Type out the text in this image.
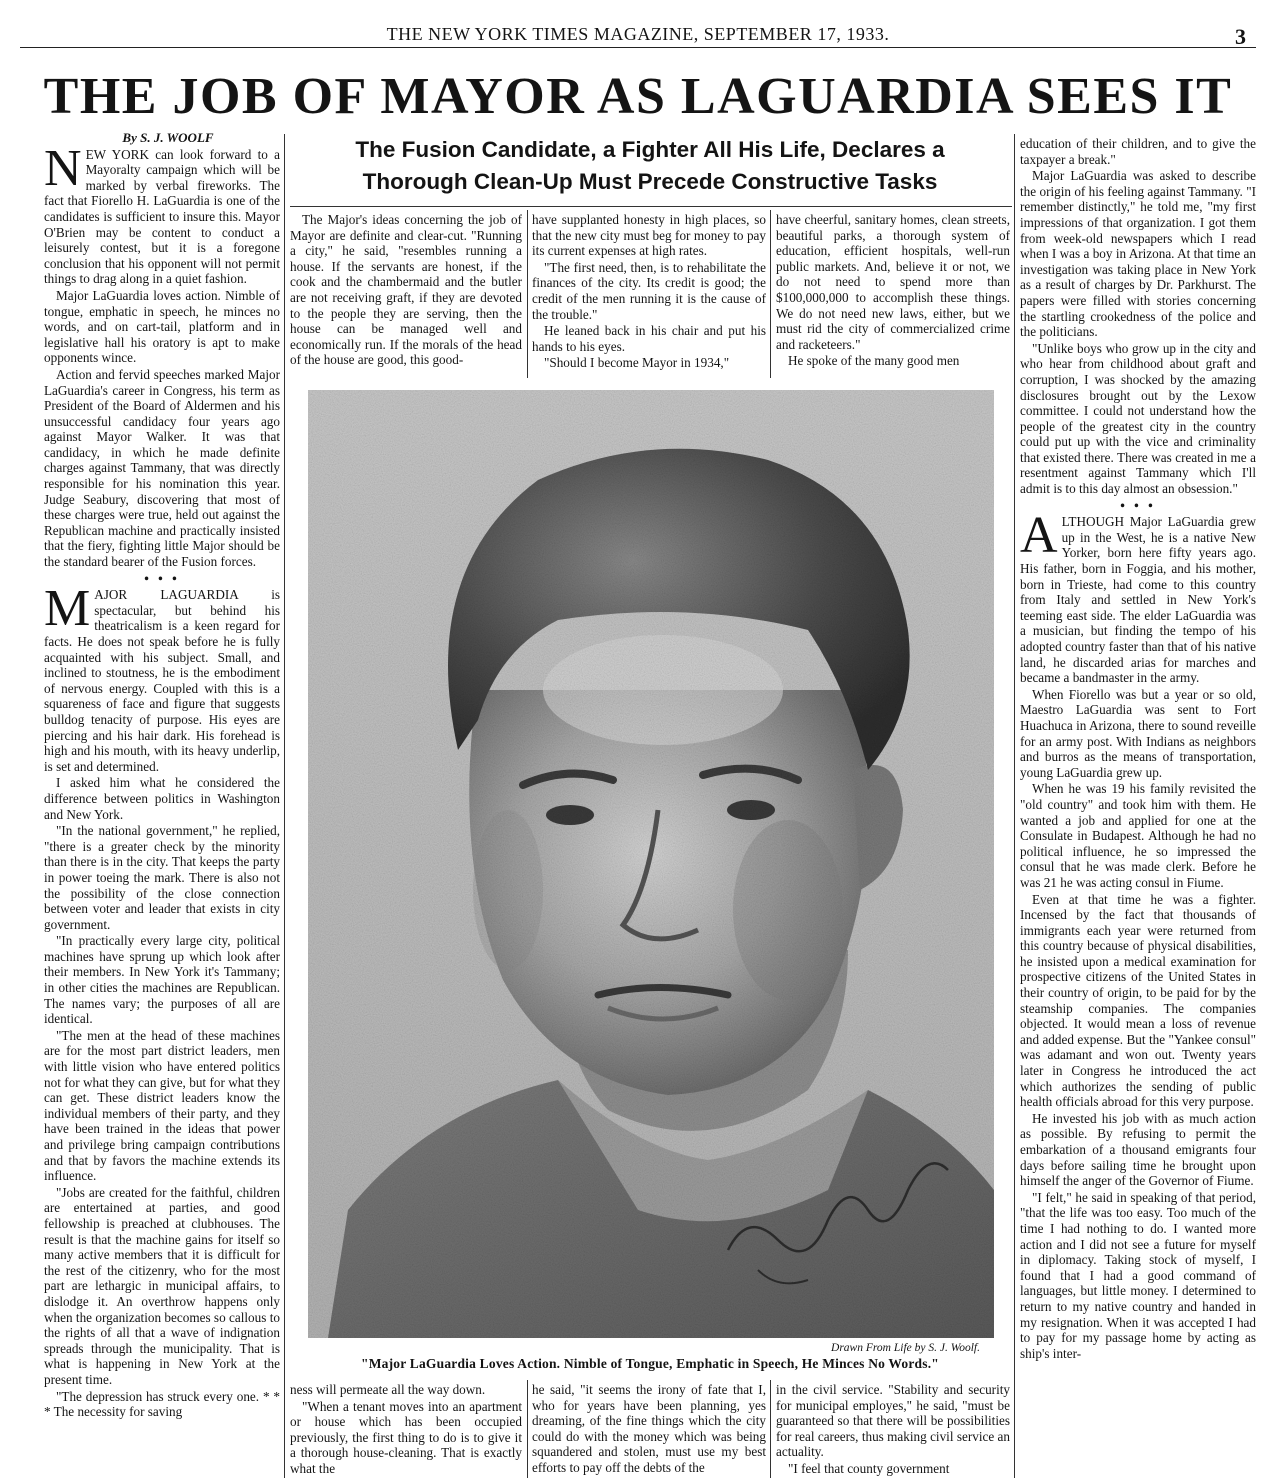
THE NEW YORK TIMES MAGAZINE, SEPTEMBER 17, 1933.	3
THE JOB OF MAYOR AS LAGUARDIA SEES IT
The Fusion Candidate, a Fighter All His Life, Declares a
Thorough Clean-Up Must Precede Constructive Tasks

By S. J. WOOLF

NEW YORK can look forward to a Mayoralty campaign which will be marked by verbal fireworks. The fact that Fiorello H. LaGuardia is one of the candidates is sufficient to insure this. Mayor O'Brien may be content to conduct a leisurely contest, but it is a foregone conclusion that his opponent will not permit things to drag along in a quiet fashion.

Major LaGuardia loves action. Nimble of tongue, emphatic in speech, he minces no words, and on cart-tail, platform and in legislative hall his oratory is apt to make opponents wince.

Action and fervid speeches marked Major LaGuardia's career in Congress, his term as President of the Board of Aldermen and his unsuccessful candidacy four years ago against Mayor Walker. It was that candidacy, in which he made definite charges against Tammany, that was directly responsible for his nomination this year. Judge Seabury, discovering that most of these charges were true, held out against the Republican machine and practically insisted that the fiery, fighting little Major should be the standard bearer of the Fusion forces.

• • •

MAJOR LAGUARDIA is spectacular, but behind his theatricalism is a keen regard for facts. He does not speak before he is fully acquainted with his subject. Small, and inclined to stoutness, he is the embodiment of nervous energy. Coupled with this is a squareness of face and figure that suggests bulldog tenacity of purpose. His eyes are piercing and his hair dark. His forehead is high and his mouth, with its heavy underlip, is set and determined.

I asked him what he considered the difference between politics in Washington and New York.

"In the national government," he replied, "there is a greater check by the minority than there is in the city. That keeps the party in power toeing the mark. There is also not the possibility of the close connection between voter and leader that exists in city government.

"In practically every large city, political machines have sprung up which look after their members. In New York it's Tammany; in other cities the machines are Republican. The names vary; the purposes of all are identical.

"The men at the head of these machines are for the most part district leaders, men with little vision who have entered politics not for what they can give, but for what they can get. These district leaders know the individual members of their party, and they have been trained in the ideas that power and privilege bring campaign contributions and that by favors the machine extends its influence.

"Jobs are created for the faithful, children are entertained at parties, and good fellowship is preached at clubhouses. The result is that the machine gains for itself so many active members that it is difficult for the rest of the citizenry, who for the most part are lethargic in municipal affairs, to dislodge it. An overthrow happens only when the organization becomes so callous to the rights of all that a wave of indignation spreads through the municipality. That is what is happening in New York at the present time.

"The depression has struck every one. * * * The necessity for saving

The Major's ideas concerning the job of Mayor are definite and clear-cut. "Running a city," he said, "resembles running a house. If the servants are honest, if the cook and the chambermaid and the butler are not receiving graft, if they are devoted to the people they are serving, then the house can be managed well and economically run. If the morals of the head of the house are good, this good-

have supplanted honesty in high places, so that the new city must beg for money to pay its current expenses at high rates.

"The first need, then, is to rehabilitate the finances of the city. Its credit is good; the credit of the men running it is the cause of the trouble."

He leaned back in his chair and put his hands to his eyes.

"Should I become Mayor in 1934,"

have cheerful, sanitary homes, clean streets, beautiful parks, a thorough system of education, efficient hospitals, well-run public markets. And, believe it or not, we do not need to spend more than $100,000,000 to accomplish these things. We do not need new laws, either, but we must rid the city of commercialized crime and racketeers."

He spoke of the many good men

education of their children, and to give the taxpayer a break."

Major LaGuardia was asked to describe the origin of his feeling against Tammany. "I remember distinctly," he told me, "my first impressions of that organization. I got them from week-old newspapers which I read when I was a boy in Arizona. At that time an investigation was taking place in New York as a result of charges by Dr. Parkhurst. The papers were filled with stories concerning the startling crookedness of the police and the politicians.

"Unlike boys who grow up in the city and who hear from childhood about graft and corruption, I was shocked by the amazing disclosures brought out by the Lexow committee. I could not understand how the people of the greatest city in the country could put up with the vice and criminality that existed there. There was created in me a resentment against Tammany which I'll admit is to this day almost an obsession."

• • •

ALTHOUGH Major LaGuardia grew up in the West, he is a native New Yorker, born here fifty years ago. His father, born in Foggia, and his mother, born in Trieste, had come to this country from Italy and settled in New York's teeming east side. The elder LaGuardia was a musician, but finding the tempo of his adopted country faster than that of his native land, he discarded arias for marches and became a bandmaster in the army.

When Fiorello was but a year or so old, Maestro LaGuardia was sent to Fort Huachuca in Arizona, there to sound reveille for an army post. With Indians as neighbors and burros as the means of transportation, young LaGuardia grew up.

When he was 19 his family revisited the "old country" and took him with them. He wanted a job and applied for one at the Consulate in Budapest. Although he had no political influence, he so impressed the consul that he was made clerk. Before he was 21 he was acting consul in Fiume.

Even at that time he was a fighter. Incensed by the fact that thousands of immigrants each year were returned from this country because of physical disabilities, he insisted upon a medical examination for prospective citizens of the United States in their country of origin, to be paid for by the steamship companies. The companies objected. It would mean a loss of revenue and added expense. But the "Yankee consul" was adamant and won out. Twenty years later in Congress he introduced the act which authorizes the sending of public health officials abroad for this very purpose.

He invested his job with as much action as possible. By refusing to permit the embarkation of a thousand emigrants four days before sailing time he brought upon himself the anger of the Governor of Fiume.

"I felt," he said in speaking of that period, "that the life was too easy. Too much of the time I had nothing to do. I wanted more action and I did not see a future for myself in diplomacy. Taking stock of myself, I found that I had a good command of languages, but little money. I determined to return to my native country and handed in my resignation. When it was accepted I had to pay for my passage home by acting as ship's inter-

Drawn From Life by S. J. Woolf.
"Major LaGuardia Loves Action. Nimble of Tongue, Emphatic in Speech, He Minces No Words."

ness will permeate all the way down.

"When a tenant moves into an apartment or house which has been occupied previously, the first thing to do is to give it a thorough house-cleaning. That is exactly what the

he said, "it seems the irony of fate that I, who for years have been planning, yes dreaming, of the fine things which the city could do with the money which was being squandered and stolen, must use my best efforts to pay off the debts of the

in the civil service. "Stability and security for municipal employes," he said, "must be guaranteed so that there will be possibilities for real careers, thus making civil service an actuality.

"I feel that county government
